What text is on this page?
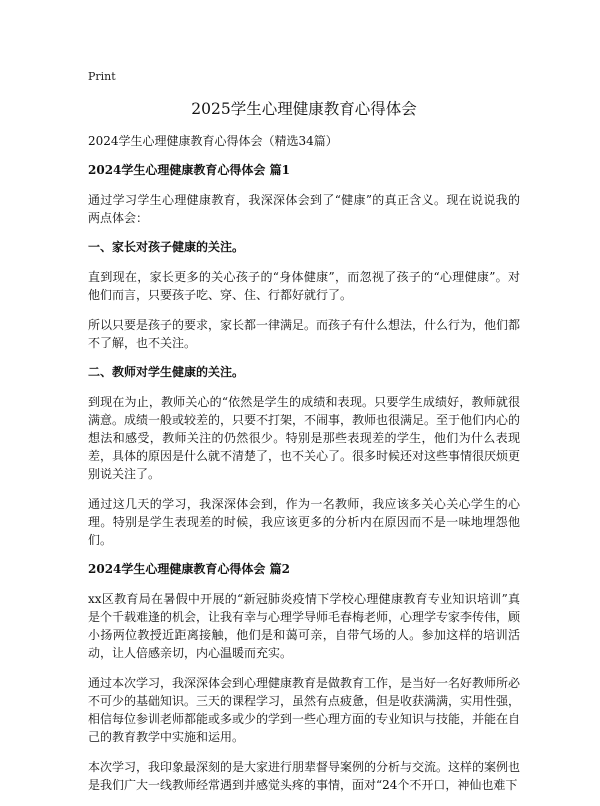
Print
2025学生心理健康教育心得体会

2024学生心理健康教育心得体会（精选34篇）

2024学生心理健康教育心得体会 篇1

通过学习学生心理健康教育，我深深体会到了“健康”的真正含义。现在说说我的两点体会：

一、家长对孩子健康的关注。

直到现在，家长更多的关心孩子的“身体健康”，而忽视了孩子的“心理健康”。对他们而言，只要孩子吃、穿、住、行都好就行了。

所以只要是孩子的要求，家长都一律满足。而孩子有什么想法，什么行为，他们都不了解，也不关注。

二、教师对学生健康的关注。

到现在为止，教师关心的“依然是学生的成绩和表现。只要学生成绩好，教师就很满意。成绩一般或较差的，只要不打架，不闹事，教师也很满足。至于他们内心的想法和感受，教师关注的仍然很少。特别是那些表现差的学生，他们为什么表现差，具体的原因是什么就不清楚了，也不关心了。很多时候还对这些事情很厌烦更别说关注了。

通过这几天的学习，我深深体会到，作为一名教师，我应该多关心关心学生的心理。特别是学生表现差的时候，我应该更多的分析内在原因而不是一味地埋怨他们。

2024学生心理健康教育心得体会 篇2

xx区教育局在暑假中开展的“新冠肺炎疫情下学校心理健康教育专业知识培训”真是个千载难逢的机会，让我有幸与心理学导师毛春梅老师，心理学专家李传伟，顾小扬两位教授近距离接触，他们是和蔼可亲，自带气场的人。参加这样的培训活动，让人倍感亲切，内心温暖而充实。

通过本次学习，我深深体会到心理健康教育是做教育工作，是当好一名好教师所必不可少的基础知识。三天的课程学习，虽然有点疲惫，但是收获满满，实用性强，相信每位参训老师都能或多或少的学到一些心理方面的专业知识与技能，并能在自己的教育教学中实施和运用。

本次学习，我印象最深刻的是大家进行朋辈督导案例的分析与交流。这样的案例也是我们广大一线教师经常遇到并感觉头疼的事情，面对“24个不开口，神仙也难下
